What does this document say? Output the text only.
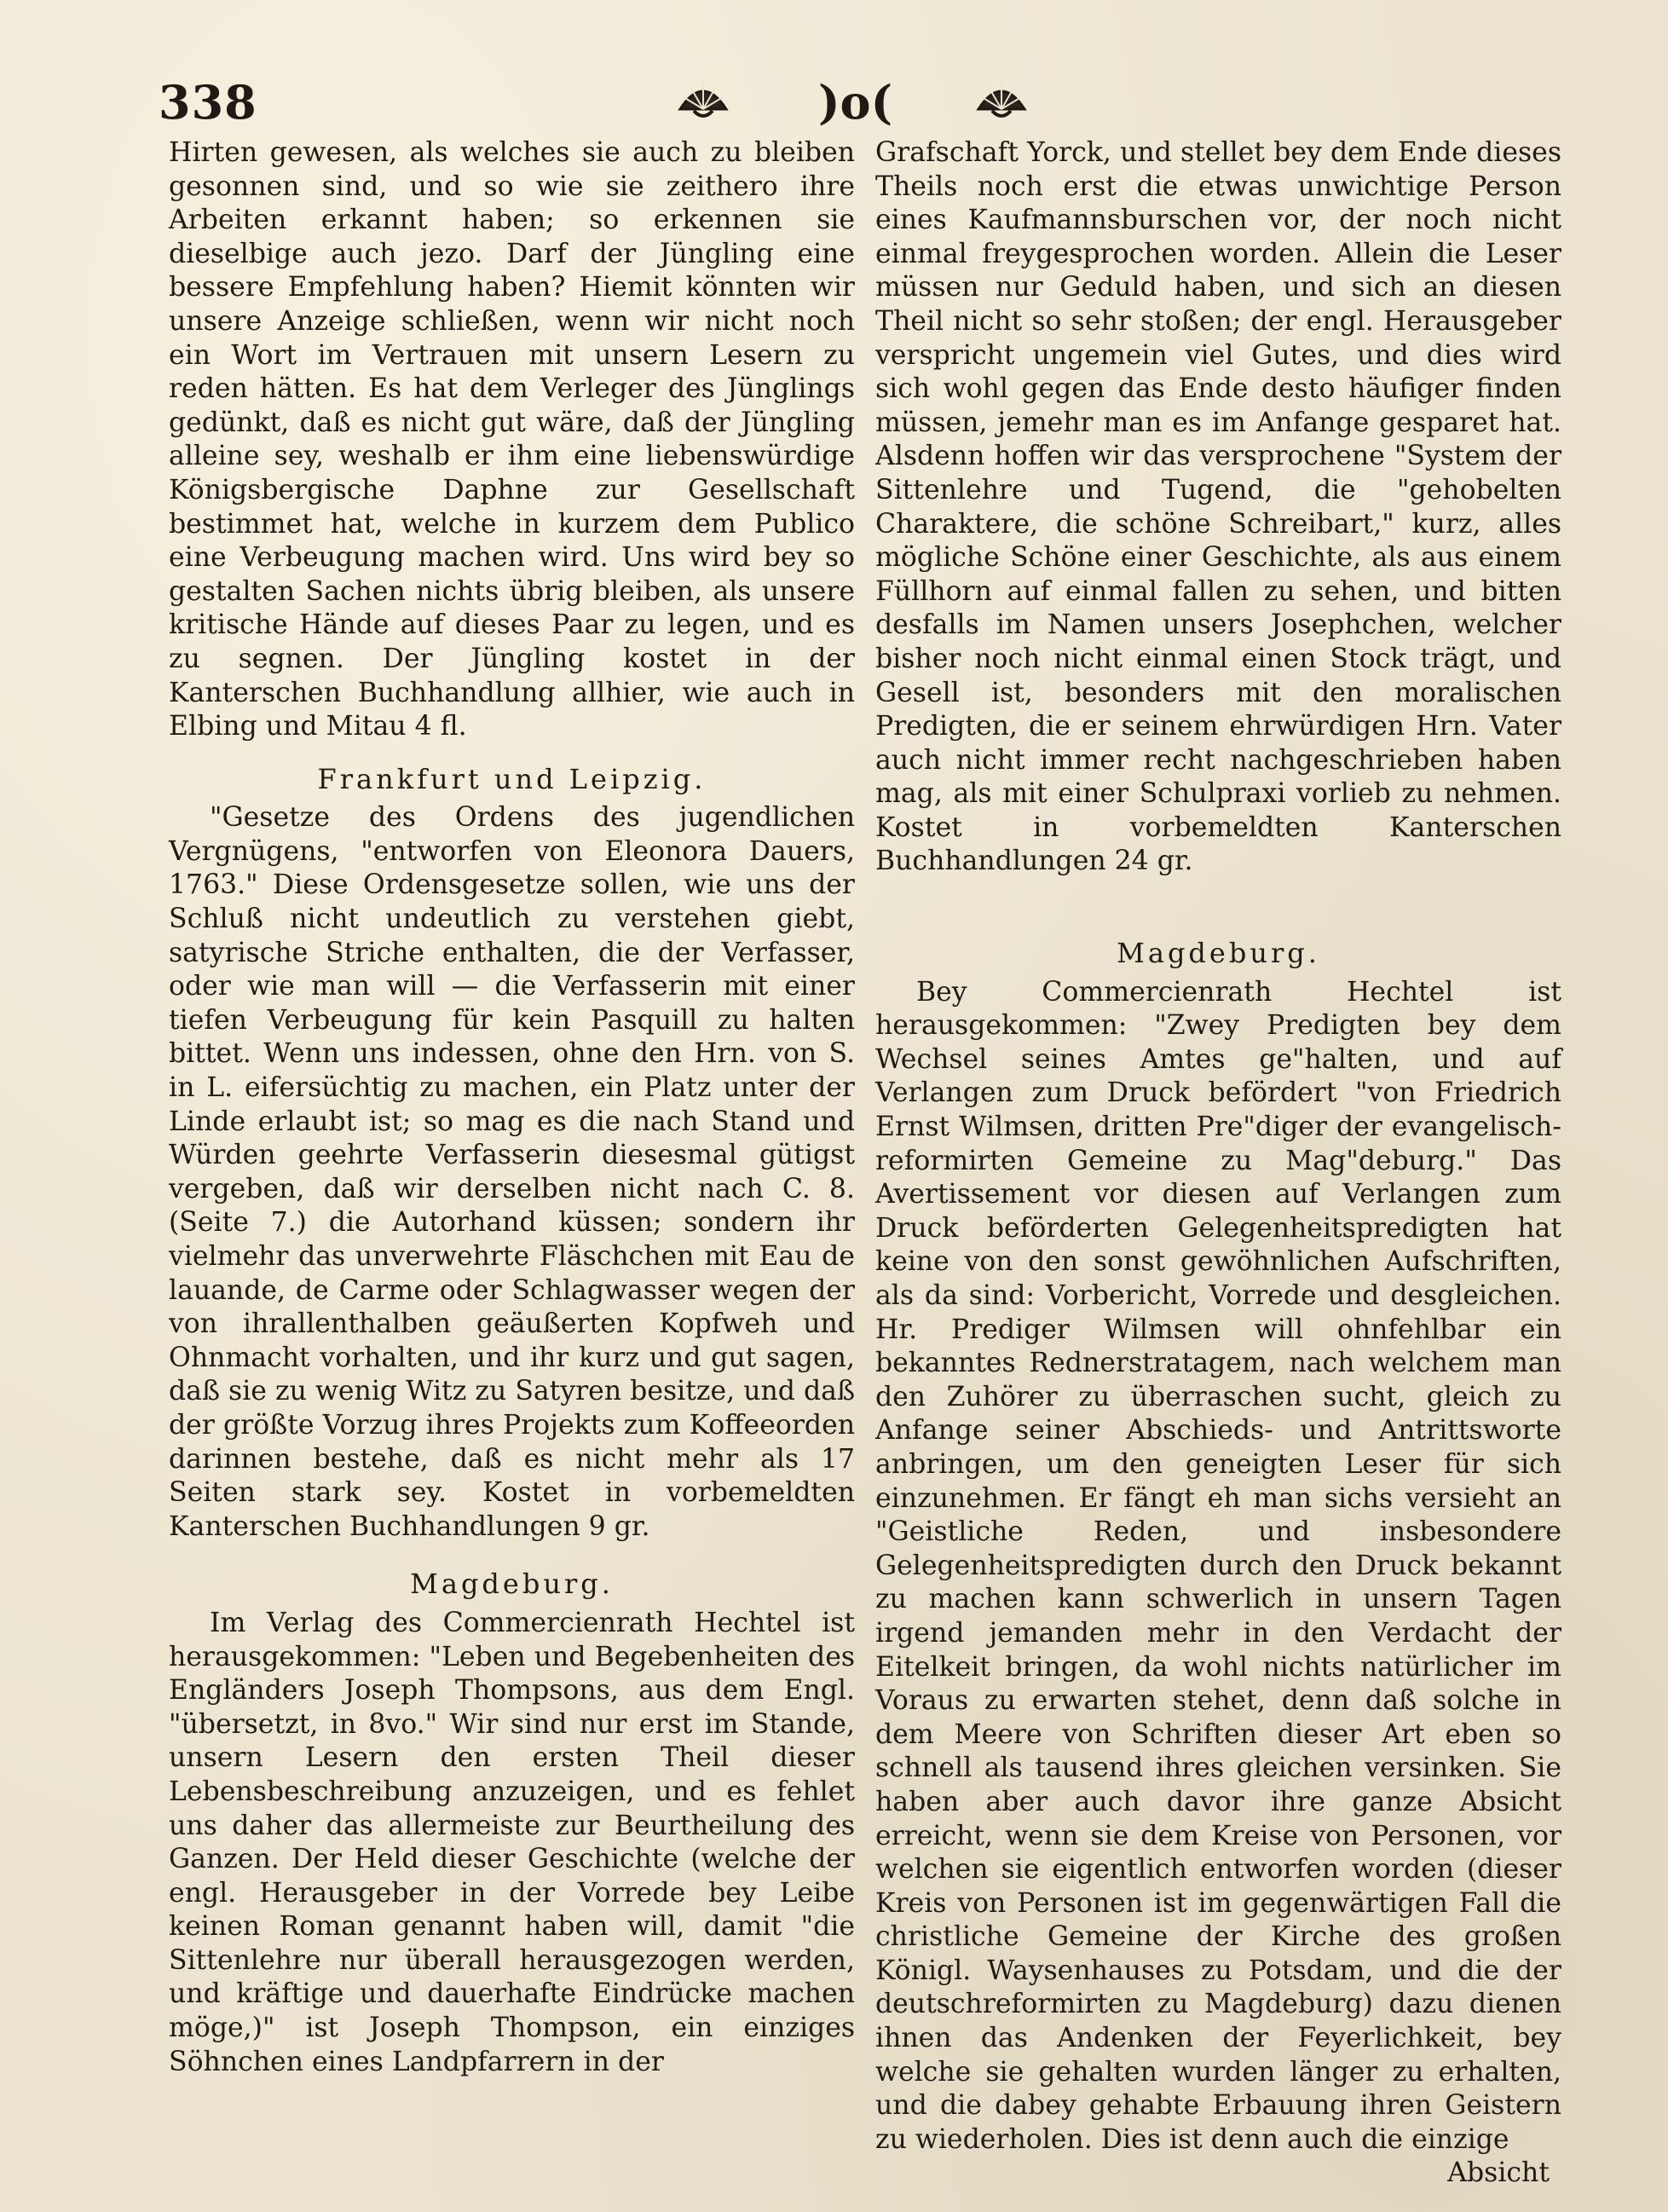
338	)o(

Hirten gewesen, als welches sie auch zu bleiben gesonnen sind, und so wie sie zeithero ihre Arbeiten erkannt haben; so erkennen sie dieselbige auch jezo. Darf der Jüngling eine bessere Empfehlung haben? Hiemit könnten wir unsere Anzeige schließen, wenn wir nicht noch ein Wort im Vertrauen mit unsern Lesern zu reden hätten. Es hat dem Verleger des Jünglings gedünkt, daß es nicht gut wäre, daß der Jüngling alleine sey, weshalb er ihm eine liebenswürdige Königsbergische Daphne zur Gesellschaft bestimmet hat, welche in kurzem dem Publico eine Verbeugung machen wird. Uns wird bey so gestalten Sachen nichts übrig bleiben, als unsere kritische Hände auf dieses Paar zu legen, und es zu segnen. Der Jüngling kostet in der Kanterschen Buchhandlung allhier, wie auch in Elbing und Mitau 4 fl.

Frankfurt und Leipzig.

"Gesetze des Ordens des jugendlichen Vergnügens, "entworfen von Eleonora Dauers, 1763." Diese Ordensgesetze sollen, wie uns der Schluß nicht undeutlich zu verstehen giebt, satyrische Striche enthalten, die der Verfasser, oder wie man will — die Verfasserin mit einer tiefen Verbeugung für kein Pasquill zu halten bittet. Wenn uns indessen, ohne den Hrn. von S. in L. eifersüchtig zu machen, ein Platz unter der Linde erlaubt ist; so mag es die nach Stand und Würden geehrte Verfasserin diesesmal gütigst vergeben, daß wir derselben nicht nach C. 8. (Seite 7.) die Autorhand küssen; sondern ihr vielmehr das unverwehrte Fläschchen mit Eau de lauande, de Carme oder Schlagwasser wegen der von ihrallenthalben geäußerten Kopfweh und Ohnmacht vorhalten, und ihr kurz und gut sagen, daß sie zu wenig Witz zu Satyren besitze, und daß der größte Vorzug ihres Projekts zum Koffeeorden darinnen bestehe, daß es nicht mehr als 17 Seiten stark sey. Kostet in vorbemeldten Kanterschen Buchhandlungen 9 gr.

Magdeburg.

Im Verlag des Commercienrath Hechtel ist herausgekommen: "Leben und Begebenheiten des Engländers Joseph Thompsons, aus dem Engl. "übersetzt, in 8vo." Wir sind nur erst im Stande, unsern Lesern den ersten Theil dieser Lebensbeschreibung anzuzeigen, und es fehlet uns daher das allermeiste zur Beurtheilung des Ganzen. Der Held dieser Geschichte (welche der engl. Herausgeber in der Vorrede bey Leibe keinen Roman genannt haben will, damit "die Sittenlehre nur überall herausgezogen werden, und kräftige und dauerhafte Eindrücke machen möge,)" ist Joseph Thompson, ein einziges Söhnchen eines Landpfarrern in der

Grafschaft Yorck, und stellet bey dem Ende dieses Theils noch erst die etwas unwichtige Person eines Kaufmannsburschen vor, der noch nicht einmal freygesprochen worden. Allein die Leser müssen nur Geduld haben, und sich an diesen Theil nicht so sehr stoßen; der engl. Herausgeber verspricht ungemein viel Gutes, und dies wird sich wohl gegen das Ende desto häufiger finden müssen, jemehr man es im Anfange gesparet hat. Alsdenn hoffen wir das versprochene "System der Sittenlehre und Tugend, die "gehobelten Charaktere, die schöne Schreibart," kurz, alles mögliche Schöne einer Geschichte, als aus einem Füllhorn auf einmal fallen zu sehen, und bitten desfalls im Namen unsers Josephchen, welcher bisher noch nicht einmal einen Stock trägt, und Gesell ist, besonders mit den moralischen Predigten, die er seinem ehrwürdigen Hrn. Vater auch nicht immer recht nachgeschrieben haben mag, als mit einer Schulpraxi vorlieb zu nehmen. Kostet in vorbemeldten Kanterschen Buchhandlungen 24 gr.

Magdeburg.

Bey Commercienrath Hechtel ist herausgekommen: "Zwey Predigten bey dem Wechsel seines Amtes ge"halten, und auf Verlangen zum Druck befördert "von Friedrich Ernst Wilmsen, dritten Pre"diger der evangelisch-reformirten Gemeine zu Mag"deburg." Das Avertissement vor diesen auf Verlangen zum Druck beförderten Gelegenheitspredigten hat keine von den sonst gewöhnlichen Aufschriften, als da sind: Vorbericht, Vorrede und desgleichen. Hr. Prediger Wilmsen will ohnfehlbar ein bekanntes Rednerstratagem, nach welchem man den Zuhörer zu überraschen sucht, gleich zu Anfange seiner Abschieds- und Antrittsworte anbringen, um den geneigten Leser für sich einzunehmen. Er fängt eh man sichs versieht an "Geistliche Reden, und insbesondere Gelegenheitspredigten durch den Druck bekannt zu machen kann schwerlich in unsern Tagen irgend jemanden mehr in den Verdacht der Eitelkeit bringen, da wohl nichts natürlicher im Voraus zu erwarten stehet, denn daß solche in dem Meere von Schriften dieser Art eben so schnell als tausend ihres gleichen versinken. Sie haben aber auch davor ihre ganze Absicht erreicht, wenn sie dem Kreise von Personen, vor welchen sie eigentlich entworfen worden (dieser Kreis von Personen ist im gegenwärtigen Fall die christliche Gemeine der Kirche des großen Königl. Waysenhauses zu Potsdam, und die der deutschreformirten zu Magdeburg) dazu dienen ihnen das Andenken der Feyerlichkeit, bey welche sie gehalten wurden länger zu erhalten, und die dabey gehabte Erbauung ihren Geistern zu wiederholen. Dies ist denn auch die einzige

Absicht
